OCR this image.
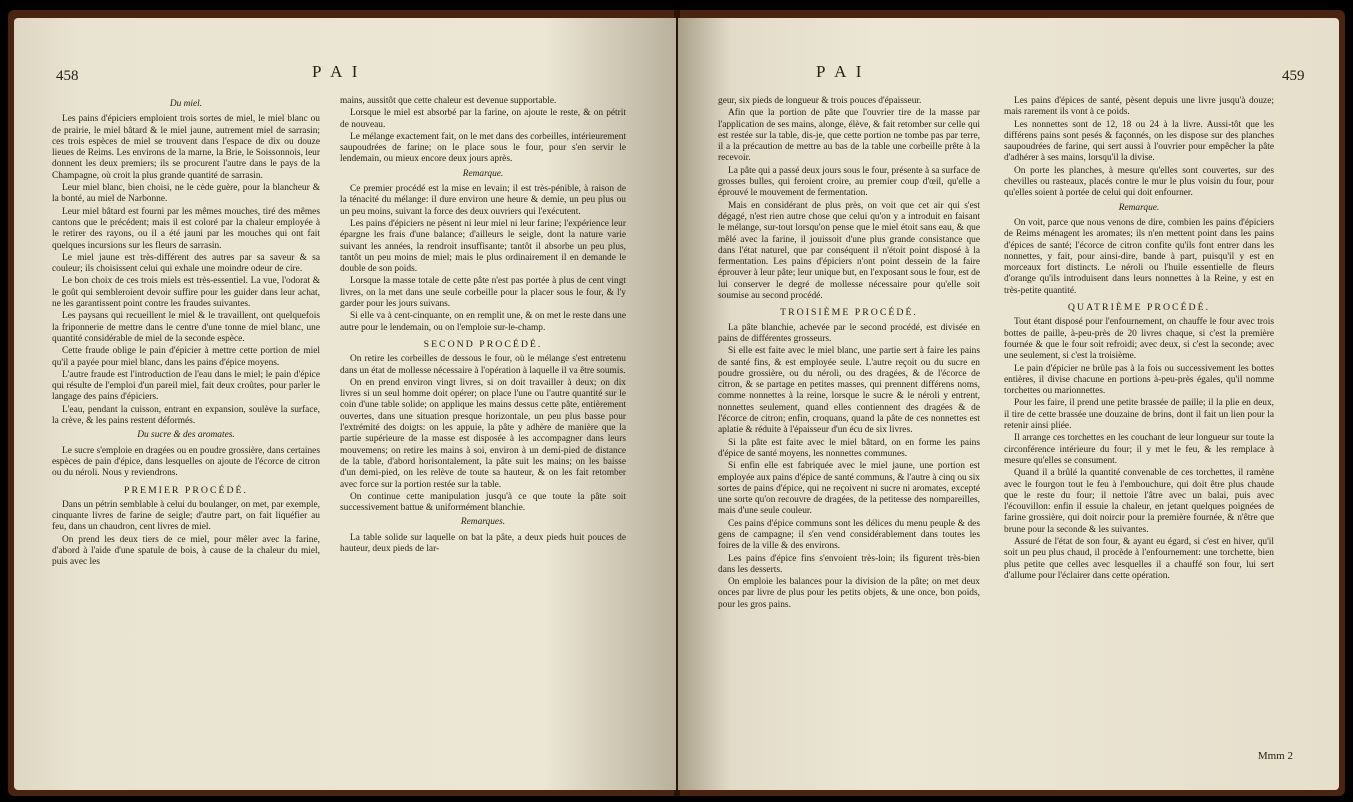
458	P A I

Du miel.

Les pains d'épiciers emploient trois sortes de miel, le miel blanc ou de prairie, le miel bâtard & le miel jaune, autrement miel de sarrasin; ces trois espèces de miel se trouvent dans l'espace de dix ou douze lieues de Reims. Les environs de la marne, la Brie, le Soissonnois, leur donnent les deux premiers; ils se procurent l'autre dans le pays de la Champagne, où croit la plus grande quantité de sarrasin.

Leur miel blanc, bien choisi, ne le cède guère, pour la blancheur & la bonté, au miel de Narbonne.

Leur miel bâtard est fourni par les mêmes mouches, tiré des mêmes cantons que le précédent; mais il est coloré par la chaleur employée à le retirer des rayons, ou il a été jauni par les mouches qui ont fait quelques incursions sur les fleurs de sarrasin.

Le miel jaune est très-différent des autres par sa saveur & sa couleur; ils choisissent celui qui exhale une moindre odeur de cire.

Le bon choix de ces trois miels est très-essentiel. La vue, l'odorat & le goût qui sembleroient devoir suffire pour les guider dans leur achat, ne les garantissent point contre les fraudes suivantes.

Les paysans qui recueillent le miel & le travaillent, ont quelquefois la friponnerie de mettre dans le centre d'une tonne de miel blanc, une quantité considérable de miel de la seconde espèce.

Cette fraude oblige le pain d'épicier à mettre cette portion de miel qu'il a payée pour miel blanc, dans les pains d'épice moyens.

L'autre fraude est l'introduction de l'eau dans le miel; le pain d'épice qui résulte de l'emploi d'un pareil miel, fait deux croûtes, pour parler le langage des pains d'épiciers.

L'eau, pendant la cuisson, entrant en expansion, soulève la surface, la crève, & les pains restent déformés.

Du sucre & des aromates.

Le sucre s'emploie en dragées ou en poudre grossière, dans certaines espèces de pain d'épice, dans lesquelles on ajoute de l'écorce de citron ou du néroli. Nous y reviendrons.

PREMIER PROCÉDÉ.

Dans un pétrin semblable à celui du boulanger, on met, par exemple, cinquante livres de farine de seigle; d'autre part, on fait liquéfier au feu, dans un chaudron, cent livres de miel.

On prend les deux tiers de ce miel, pour mêler avec la farine, d'abord à l'aide d'une spatule de bois, à cause de la chaleur du miel, puis avec les

mains, aussitôt que cette chaleur est devenue supportable.

Lorsque le miel est absorbé par la farine, on ajoute le reste, & on pétrit de nouveau.

Le mélange exactement fait, on le met dans des corbeilles, intérieurement saupoudrées de farine; on le place sous le four, pour s'en servir le lendemain, ou mieux encore deux jours après.

Remarque.

Ce premier procédé est la mise en levain; il est très-pénible, à raison de la ténacité du mélange: il dure environ une heure & demie, un peu plus ou un peu moins, suivant la force des deux ouvriers qui l'exécutent.

Les pains d'épiciers ne pèsent ni leur miel ni leur farine; l'expérience leur épargne les frais d'une balance; d'ailleurs le seigle, dont la nature varie suivant les années, la rendroit insuffisante; tantôt il absorbe un peu plus, tantôt un peu moins de miel; mais le plus ordinairement il en demande le double de son poids.

Lorsque la masse totale de cette pâte n'est pas portée à plus de cent vingt livres, on la met dans une seule corbeille pour la placer sous le four, & l'y garder pour les jours suivans.

Si elle va à cent-cinquante, on en remplit une, & on met le reste dans une autre pour le lendemain, ou on l'emploie sur-le-champ.

SECOND PROCÉDÉ.

On retire les corbeilles de dessous le four, où le mélange s'est entretenu dans un état de mollesse nécessaire à l'opération à laquelle il va être soumis.

On en prend environ vingt livres, si on doit travailler à deux; on dix livres si un seul homme doit opérer; on place l'une ou l'autre quantité sur le coin d'une table solide; on applique les mains dessus cette pâte, entièrement ouvertes, dans une situation presque horizontale, un peu plus basse pour l'extrémité des doigts: on les appuie, la pâte y adhère de manière que la partie supérieure de la masse est disposée à les accompagner dans leurs mouvemens; on retire les mains à soi, environ à un demi-pied de distance de la table, d'abord horisontalement, la pâte suit les mains; on les baisse d'un demi-pied, on les relève de toute sa hauteur, & on les fait retomber avec force sur la portion restée sur la table.

On continue cette manipulation jusqu'à ce que toute la pâte soit successivement battue & uniformément blanchie.

Remarques.

La table solide sur laquelle on bat la pâte, a deux pieds huit pouces de hauteur, deux pieds de lar-

P A I	459

geur, six pieds de longueur & trois pouces d'épaisseur.

Afin que la portion de pâte que l'ouvrier tire de la masse par l'application de ses mains, alonge, élève, & fait retomber sur celle qui est restée sur la table, dis-je, que cette portion ne tombe pas par terre, il a la précaution de mettre au bas de la table une corbeille prête à la recevoir.

La pâte qui a passé deux jours sous le four, présente à sa surface de grosses bulles, qui feroient croire, au premier coup d'œil, qu'elle a éprouvé le mouvement de fermentation.

Mais en considérant de plus près, on voit que cet air qui s'est dégagé, n'est rien autre chose que celui qu'on y a introduit en faisant le mélange, sur-tout lorsqu'on pense que le miel étoit sans eau, & que mêlé avec la farine, il jouissoit d'une plus grande consistance que dans l'état naturel, que par conséquent il n'étoit point disposé à la fermentation. Les pains d'épiciers n'ont point dessein de la faire éprouver à leur pâte; leur unique but, en l'exposant sous le four, est de lui conserver le degré de mollesse nécessaire pour qu'elle soit soumise au second procédé.

TROISIÈME PROCÉDÉ.

La pâte blanchie, achevée par le second procédé, est divisée en pains de différentes grosseurs.

Si elle est faite avec le miel blanc, une partie sert à faire les pains de santé fins, & est employée seule. L'autre reçoit ou du sucre en poudre grossière, ou du néroli, ou des dragées, & de l'écorce de citron, & se partage en petites masses, qui prennent différens noms, comme nonnettes à la reine, lorsque le sucre & le néroli y entrent, nonnettes seulement, quand elles contiennent des dragées & de l'écorce de citron; enfin, croquans, quand la pâte de ces nonnettes est aplatie & réduite à l'épaisseur d'un écu de six livres.

Si la pâte est faite avec le miel bâtard, on en forme les pains d'épice de santé moyens, les nonnettes communes.

Si enfin elle est fabriquée avec le miel jaune, une portion est employée aux pains d'épice de santé communs, & l'autre à cinq ou six sortes de pains d'épice, qui ne reçoivent ni sucre ni aromates, excepté une sorte qu'on recouvre de dragées, de la petitesse des nompareilles, mais d'une seule couleur.

Ces pains d'épice communs sont les délices du menu peuple & des gens de campagne; il s'en vend considérablement dans toutes les foires de la ville & des environs.

Les pains d'épice fins s'envoient très-loin; ils figurent très-bien dans les desserts.

On emploie les balances pour la division de la pâte; on met deux onces par livre de plus pour les petits objets, & une once, bon poids, pour les gros pains.

Les pains d'épices de santé, pèsent depuis une livre jusqu'à douze; mais rarement ils vont à ce poids.

Les nonnettes sont de 12, 18 ou 24 à la livre. Aussi-tôt que les différens pains sont pesés & façonnés, on les dispose sur des planches saupoudrées de farine, qui sert aussi à l'ouvrier pour empêcher la pâte d'adhérer à ses mains, lorsqu'il la divise.

On porte les planches, à mesure qu'elles sont couvertes, sur des chevilles ou rasteaux, placés contre le mur le plus voisin du four, pour qu'elles soient à portée de celui qui doit enfourner.

Remarque.

On voit, parce que nous venons de dire, combien les pains d'épiciers de Reims ménagent les aromates; ils n'en mettent point dans les pains d'épices de santé; l'écorce de citron confite qu'ils font entrer dans les nonnettes, y fait, pour ainsi-dire, bande à part, puisqu'il y est en morceaux fort distincts. Le néroli ou l'huile essentielle de fleurs d'orange qu'ils introduisent dans leurs nonnettes à la Reine, y est en très-petite quantité.

QUATRIÈME PROCÉDÉ.

Tout étant disposé pour l'enfournement, on chauffe le four avec trois bottes de paille, à-peu-près de 20 livres chaque, si c'est la première fournée & que le four soit refroidi; avec deux, si c'est la seconde; avec une seulement, si c'est la troisième.

Le pain d'épicier ne brûle pas à la fois ou successivement les bottes entières, il divise chacune en portions à-peu-près égales, qu'il nomme torchettes ou marionnettes.

Pour les faire, il prend une petite brassée de paille; il la plie en deux, il tire de cette brassée une douzaine de brins, dont il fait un lien pour la retenir ainsi pliée.

Il arrange ces torchettes en les couchant de leur longueur sur toute la circonférence intérieure du four; il y met le feu, & les remplace à mesure qu'elles se consument.

Quand il a brûlé la quantité convenable de ces torchettes, il ramène avec le fourgon tout le feu à l'embouchure, qui doit être plus chaude que le reste du four; il nettoie l'âtre avec un balai, puis avec l'écouvillon: enfin il essuie la chaleur, en jetant quelques poignées de farine grossière, qui doit noircir pour la première fournée, & n'être que brune pour la seconde & les suivantes.

Assuré de l'état de son four, & ayant eu égard, si c'est en hiver, qu'il soit un peu plus chaud, il procède à l'enfournement: une torchette, bien plus petite que celles avec lesquelles il a chauffé son four, lui sert d'allume pour l'éclairer dans cette opération.

Mmm 2
